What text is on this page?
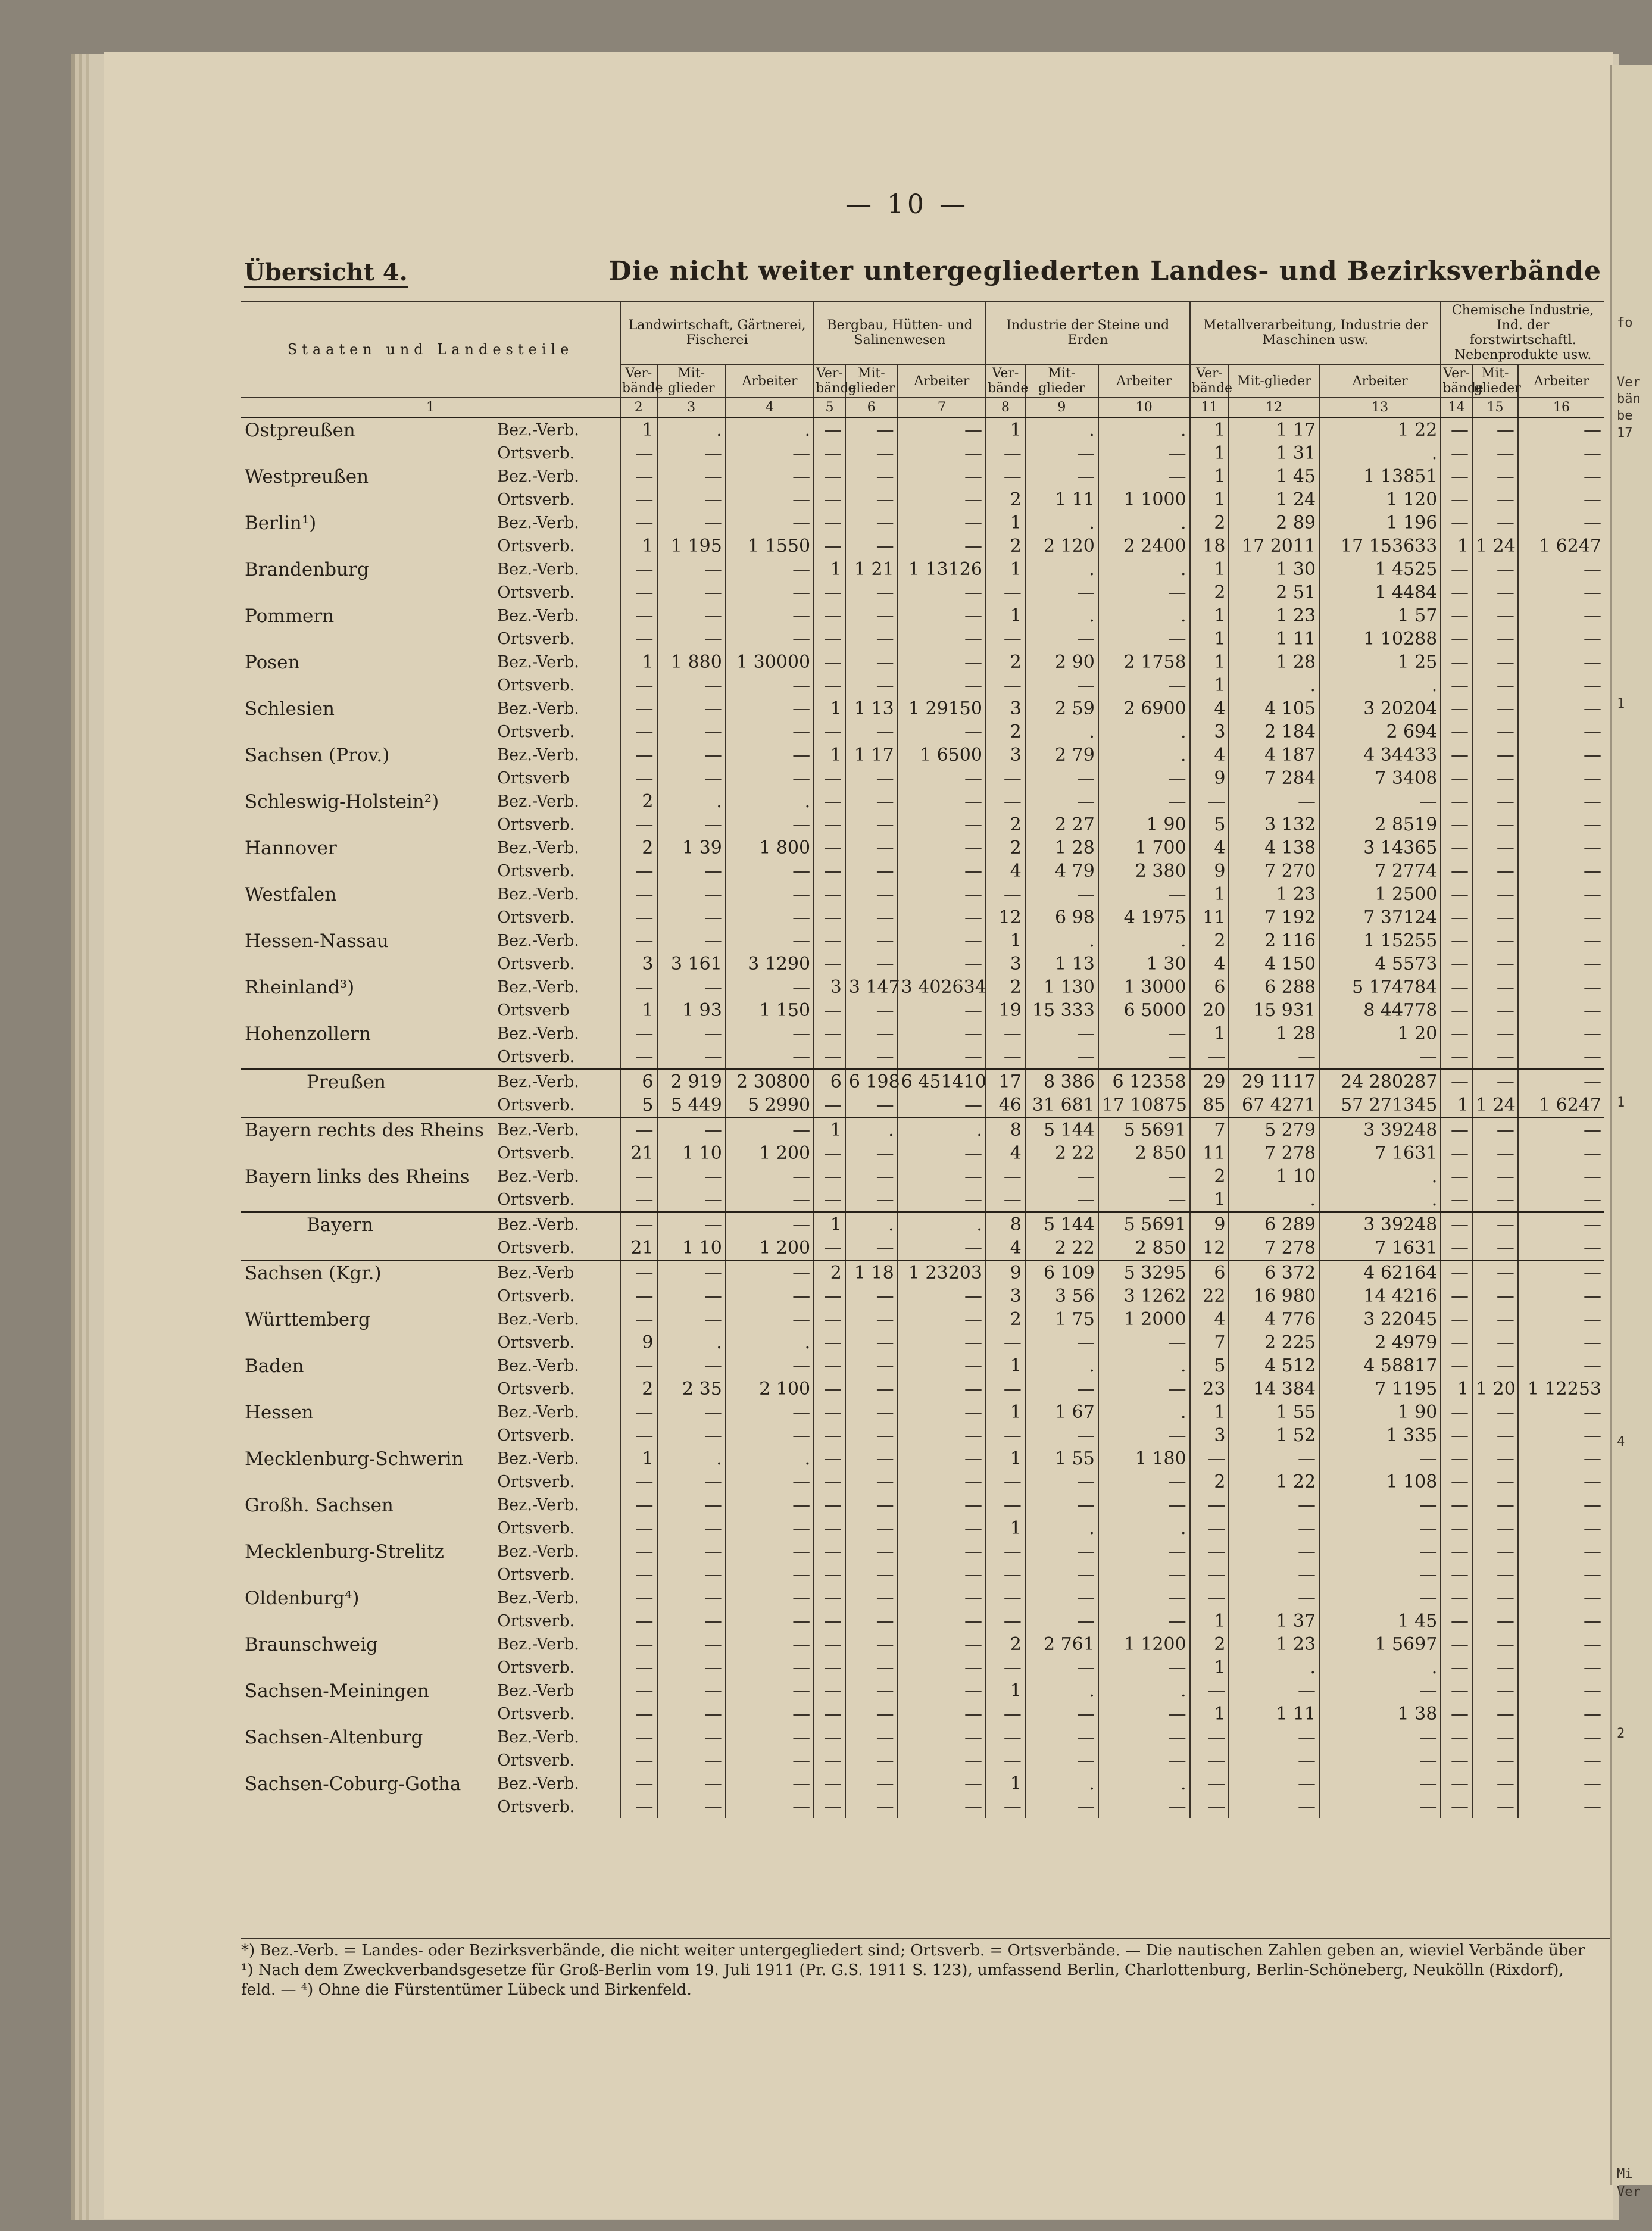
fo
Ver
bän
be
17
1
1
4
2
Mi
Ver
— 10 —
Übersicht 4.	Die nicht weiter untergegliederten Landes- und Bezirksverbände
Staaten und Landesteile		Landwirtschaft, Gärtnerei, Fischerei			Bergbau, Hütten- und Salinenwesen			Industrie der Steine und Erden			Metallverarbeitung, Industrie der Maschinen usw.			Chemische Industrie, Ind. der forstwirtschaftl. Nebenprodukte usw.		
		Ver-bände	Mit-glieder	Arbeiter	Ver-bände	Mit-glieder	Arbeiter	Ver-bände	Mit-glieder	Arbeiter	Ver-bände	Mit-glieder	Arbeiter	Ver-bände	Mit-glieder	Arbeiter
1		2	3	4	5	6	7	8	9	10	11	12	13	14	15	16
Ostpreußen	Bez.-Verb.	1	.	.	—	—	—	1	.	.	1	1 17	1 22	—	—	—
	Ortsverb.	—	—	—	—	—	—	—	—	—	1	1 31	.	—	—	—
Westpreußen	Bez.-Verb.	—	—	—	—	—	—	—	—	—	1	1 45	1 13851	—	—	—
	Ortsverb.	—	—	—	—	—	—	2	1 11	1 1000	1	1 24	1 120	—	—	—
Berlin¹)	Bez.-Verb.	—	—	—	—	—	—	1	.	.	2	2 89	1 196	—	—	—
	Ortsverb.	1	1 195	1 1550	—	—	—	2	2 120	2 2400	18	17 2011	17 153633	1	1 24	1 6247
Brandenburg	Bez.-Verb.	—	—	—	1	1 21	1 13126	1	.	.	1	1 30	1 4525	—	—	—
	Ortsverb.	—	—	—	—	—	—	—	—	—	2	2 51	1 4484	—	—	—
Pommern	Bez.-Verb.	—	—	—	—	—	—	1	.	.	1	1 23	1 57	—	—	—
	Ortsverb.	—	—	—	—	—	—	—	—	—	1	1 11	1 10288	—	—	—
Posen	Bez.-Verb.	1	1 880	1 30000	—	—	—	2	2 90	2 1758	1	1 28	1 25	—	—	—
	Ortsverb.	—	—	—	—	—	—	—	—	—	1	.	.	—	—	—
Schlesien	Bez.-Verb.	—	—	—	1	1 13	1 29150	3	2 59	2 6900	4	4 105	3 20204	—	—	—
	Ortsverb.	—	—	—	—	—	—	2	.	.	3	2 184	2 694	—	—	—
Sachsen (Prov.)	Bez.-Verb.	—	—	—	1	1 17	1 6500	3	2 79	.	4	4 187	4 34433	—	—	—
	Ortsverb	—	—	—	—	—	—	—	—	—	9	7 284	7 3408	—	—	—
Schleswig-Holstein²)	Bez.-Verb.	2	.	.	—	—	—	—	—	—	—	—	—	—	—	—
	Ortsverb.	—	—	—	—	—	—	2	2 27	1 90	5	3 132	2 8519	—	—	—
Hannover	Bez.-Verb.	2	1 39	1 800	—	—	—	2	1 28	1 700	4	4 138	3 14365	—	—	—
	Ortsverb.	—	—	—	—	—	—	4	4 79	2 380	9	7 270	7 2774	—	—	—
Westfalen	Bez.-Verb.	—	—	—	—	—	—	—	—	—	1	1 23	1 2500	—	—	—
	Ortsverb.	—	—	—	—	—	—	12	6 98	4 1975	11	7 192	7 37124	—	—	—
Hessen-Nassau	Bez.-Verb.	—	—	—	—	—	—	1	.	.	2	2 116	1 15255	—	—	—
	Ortsverb.	3	3 161	3 1290	—	—	—	3	1 13	1 30	4	4 150	4 5573	—	—	—
Rheinland³)	Bez.-Verb.	—	—	—	3	3 147	3 402634	2	1 130	1 3000	6	6 288	5 174784	—	—	—
	Ortsverb	1	1 93	1 150	—	—	—	19	15 333	6 5000	20	15 931	8 44778	—	—	—
Hohenzollern	Bez.-Verb.	—	—	—	—	—	—	—	—	—	1	1 28	1 20	—	—	—
	Ortsverb.	—	—	—	—	—	—	—	—	—	—	—	—	—	—	—
Preußen	Bez.-Verb.	6	2 919	2 30800	6	6 198	6 451410	17	8 386	6 12358	29	29 1117	24 280287	—	—	—
	Ortsverb.	5	5 449	5 2990	—	—	—	46	31 681	17 10875	85	67 4271	57 271345	1	1 24	1 6247
Bayern rechts des Rheins	Bez.-Verb.	—	—	—	1	.	.	8	5 144	5 5691	7	5 279	3 39248	—	—	—
	Ortsverb.	21	1 10	1 200	—	—	—	4	2 22	2 850	11	7 278	7 1631	—	—	—
Bayern links des Rheins	Bez.-Verb.	—	—	—	—	—	—	—	—	—	2	1 10	.	—	—	—
	Ortsverb.	—	—	—	—	—	—	—	—	—	1	.	.	—	—	—
Bayern	Bez.-Verb.	—	—	—	1	.	.	8	5 144	5 5691	9	6 289	3 39248	—	—	—
	Ortsverb.	21	1 10	1 200	—	—	—	4	2 22	2 850	12	7 278	7 1631	—	—	—
Sachsen (Kgr.)	Bez.-Verb	—	—	—	2	1 18	1 23203	9	6 109	5 3295	6	6 372	4 62164	—	—	—
	Ortsverb.	—	—	—	—	—	—	3	3 56	3 1262	22	16 980	14 4216	—	—	—
Württemberg	Bez.-Verb.	—	—	—	—	—	—	2	1 75	1 2000	4	4 776	3 22045	—	—	—
	Ortsverb.	9	.	.	—	—	—	—	—	—	7	2 225	2 4979	—	—	—
Baden	Bez.-Verb.	—	—	—	—	—	—	1	.	.	5	4 512	4 58817	—	—	—
	Ortsverb.	2	2 35	2 100	—	—	—	—	—	—	23	14 384	7 1195	1	1 20	1 12253
Hessen	Bez.-Verb.	—	—	—	—	—	—	1	1 67	.	1	1 55	1 90	—	—	—
	Ortsverb.	—	—	—	—	—	—	—	—	—	3	1 52	1 335	—	—	—
Mecklenburg-Schwerin	Bez.-Verb.	1	.	.	—	—	—	1	1 55	1 180	—	—	—	—	—	—
	Ortsverb.	—	—	—	—	—	—	—	—	—	2	1 22	1 108	—	—	—
Großh. Sachsen	Bez.-Verb.	—	—	—	—	—	—	—	—	—	—	—	—	—	—	—
	Ortsverb.	—	—	—	—	—	—	1	.	.	—	—	—	—	—	—
Mecklenburg-Strelitz	Bez.-Verb.	—	—	—	—	—	—	—	—	—	—	—	—	—	—	—
	Ortsverb.	—	—	—	—	—	—	—	—	—	—	—	—	—	—	—
Oldenburg⁴)	Bez.-Verb.	—	—	—	—	—	—	—	—	—	—	—	—	—	—	—
	Ortsverb.	—	—	—	—	—	—	—	—	—	1	1 37	1 45	—	—	—
Braunschweig	Bez.-Verb.	—	—	—	—	—	—	2	2 761	1 1200	2	1 23	1 5697	—	—	—
	Ortsverb.	—	—	—	—	—	—	—	—	—	1	.	.	—	—	—
Sachsen-Meiningen	Bez.-Verb	—	—	—	—	—	—	1	.	.	—	—	—	—	—	—
	Ortsverb.	—	—	—	—	—	—	—	—	—	1	1 11	1 38	—	—	—
Sachsen-Altenburg	Bez.-Verb.	—	—	—	—	—	—	—	—	—	—	—	—	—	—	—
	Ortsverb.	—	—	—	—	—	—	—	—	—	—	—	—	—	—	—
Sachsen-Coburg-Gotha	Bez.-Verb.	—	—	—	—	—	—	1	.	.	—	—	—	—	—	—
	Ortsverb.	—	—	—	—	—	—	—	—	—	—	—	—	—	—	—

*) Bez.-Verb. = Landes- oder Bezirksverbände, die nicht weiter untergegliedert sind; Ortsverb. = Ortsverbände. — Die nautischen Zahlen geben an, wieviel Verbände über

¹) Nach dem Zweckverbandsgesetze für Groß-Berlin vom 19. Juli 1911 (Pr. G.S. 1911 S. 123), umfassend Berlin, Charlottenburg, Berlin-Schöneberg, Neukölln (Rixdorf),

feld. — ⁴) Ohne die Fürstentümer Lübeck und Birkenfeld.
